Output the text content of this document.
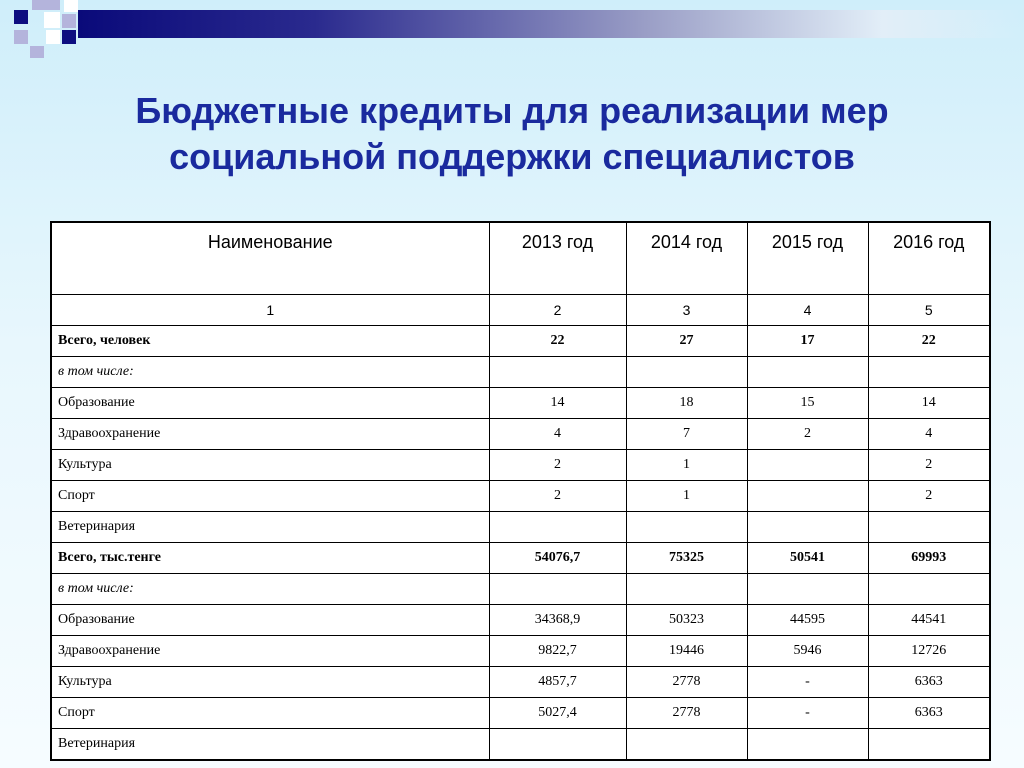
Бюджетные кредиты для реализации мер
социальной поддержки специалистов
Наименование	2013 год	2014 год	2015 год	2016 год
1	2	3	4	5
Всего, человек	22	27	17	22
в том числе:				
Образование	14	18	15	14
Здравоохранение	4	7	2	4
Культура	2	1		2
Спорт	2	1		2
Ветеринария				
Всего, тыс.тенге	54076,7	75325	50541	69993
в том числе:				
Образование	34368,9	50323	44595	44541
Здравоохранение	9822,7	19446	5946	12726
Культура	4857,7	2778	-	6363
Спорт	5027,4	2778	-	6363
Ветеринария				
